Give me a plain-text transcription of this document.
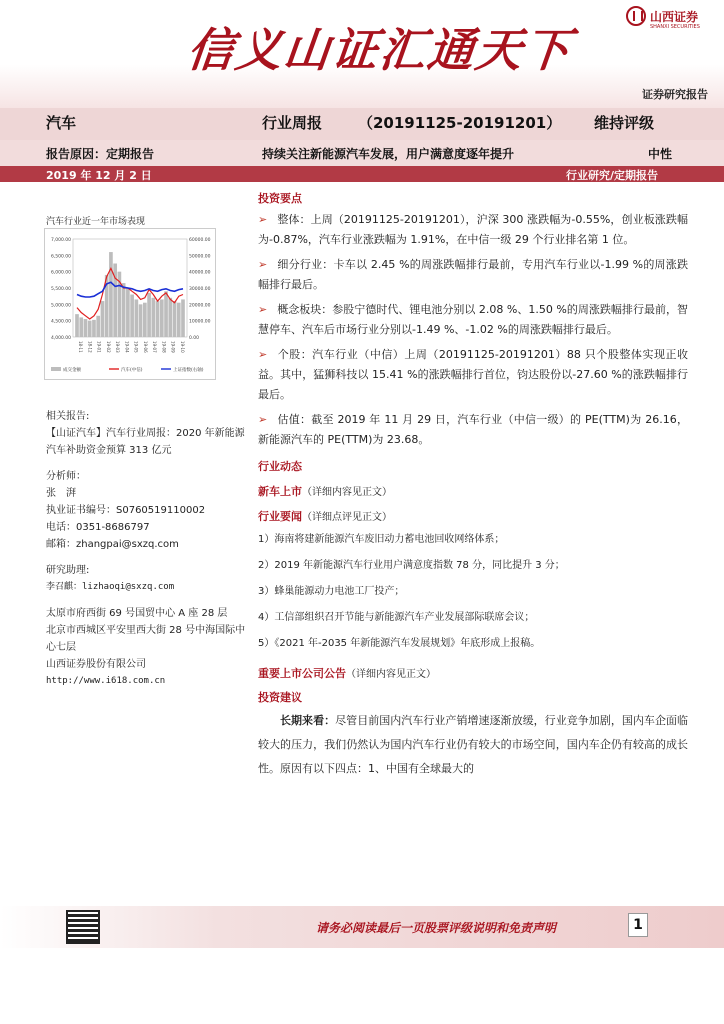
信义山证汇通天下
山西证券
SHANXI SECURITIES
证券研究报告
汽车	行业周报 （20191125-20191201） 维持评级
报告原因：定期报告	持续关注新能源汽车发展，用户满意度逐年提升	中性
2019 年 12 月 2 日	行业研究/定期报告
汽车行业近一年市场表现
4,000.00
4,500.00
5,000.00
5,500.00
6,000.00
6,500.00
7,000.00
0.00
10000.00
20000.00
30000.00
40000.00
50000.00
60000.00
18-11 18-12 19-01 19-02 19-03 19-04 19-05 19-06 19-07 19-08 19-09 19-10
成交金额	汽车(中信)	上证指数(右轴)

相关报告:

【山证汽车】汽车行业周报：2020 年新能源汽车补助资金预算 313 亿元

分析师：

张　湃

执业证书编号：S0760519110002

电话：0351-8686797

邮箱：zhangpai@sxzq.com

研究助理:

李召麒：lizhaoqi@sxzq.com

太原市府西街 69 号国贸中心 A 座 28 层

北京市西城区平安里西大街 28 号中海国际中心七层

山西证券股份有限公司

http://www.i618.com.cn

投资要点
➢ 整体：上周（20191125-20191201），沪深 300 涨跌幅为-0.55%，创业板涨跌幅为-0.87%，汽车行业涨跌幅为 1.91%，在中信一级 29 个行业排名第 1 位。
➢ 细分行业：卡车以 2.45 %的周涨跌幅排行最前，专用汽车行业以-1.99 %的周涨跌幅排行最后。
➢ 概念板块：参股宁德时代、锂电池分别以 2.08 %、1.50 %的周涨跌幅排行最前，智慧停车、汽车后市场行业分别以-1.49 %、-1.02 %的周涨跌幅排行最后。
➢ 个股：汽车行业（中信）上周（20191125-20191201）88 只个股整体实现正收益。其中，猛狮科技以 15.41 %的涨跌幅排行首位，钧达股份以-27.60 %的涨跌幅排行最后。
➢ 估值：截至 2019 年 11 月 29 日，汽车行业（中信一级）的 PE(TTM)为 26.16，新能源汽车的 PE(TTM)为 23.68。
行业动态
新车上市（详细内容见正文）
行业要闻（详细点评见正文）
1）海南将建新能源汽车废旧动力蓄电池回收网络体系；
2）2019 年新能源汽车行业用户满意度指数 78 分，同比提升 3 分；
3）蜂巢能源动力电池工厂投产；
4）工信部组织召开节能与新能源汽车产业发展部际联席会议；
5）《2021 年-2035 年新能源汽车发展规划》年底形成上报稿。
重要上市公司公告（详细内容见正文）
投资建议
长期来看：尽管目前国内汽车行业产销增速逐渐放缓，行业竞争加剧，国内车企面临较大的压力，我们仍然认为国内汽车行业仍有较大的市场空间，国内车企仍有较高的成长性。原因有以下四点：1、中国有全球最大的
请务必阅读最后一页股票评级说明和免责声明	1
